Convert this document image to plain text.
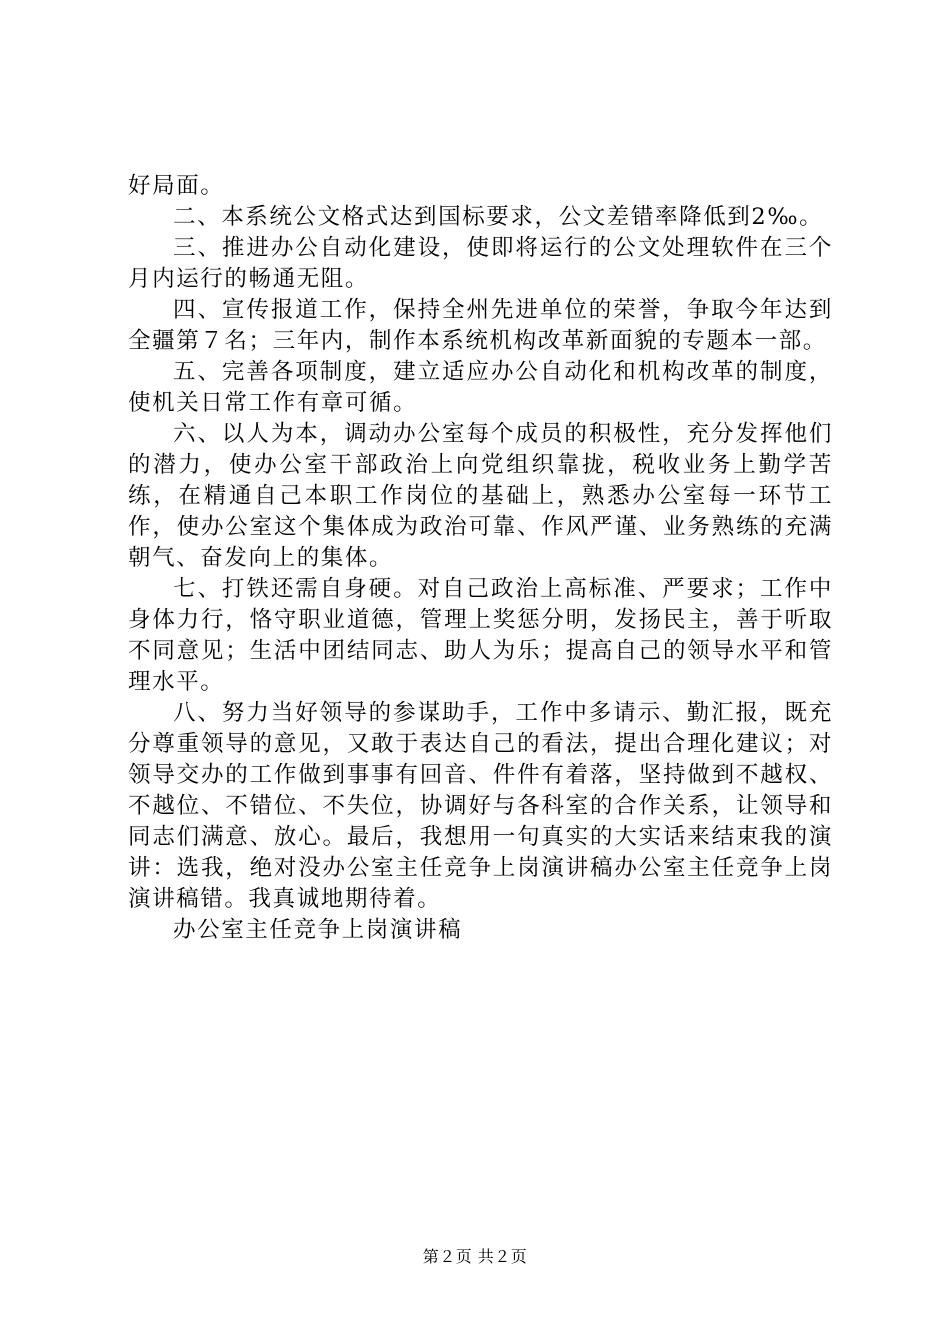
好局面。

二、本系统公文格式达到国标要求，公文差错率降低到2‰。

三、推进办公自动化建设，使即将运行的公文处理软件在三个月内运行的畅通无阻。

四、宣传报道工作，保持全州先进单位的荣誉，争取今年达到全疆第７名；三年内，制作本系统机构改革新面貌的专题本一部。

五、完善各项制度，建立适应办公自动化和机构改革的制度，使机关日常工作有章可循。

六、以人为本，调动办公室每个成员的积极性，充分发挥他们的潜力，使办公室干部政治上向党组织靠拢，税收业务上勤学苦练，在精通自己本职工作岗位的基础上，熟悉办公室每一环节工作，使办公室这个集体成为政治可靠、作风严谨、业务熟练的充满朝气、奋发向上的集体。

七、打铁还需自身硬。对自己政治上高标准、严要求；工作中身体力行，恪守职业道德，管理上奖惩分明，发扬民主，善于听取不同意见；生活中团结同志、助人为乐；提高自己的领导水平和管理水平。

八、努力当好领导的参谋助手，工作中多请示、勤汇报，既充分尊重领导的意见，又敢于表达自己的看法，提出合理化建议；对领导交办的工作做到事事有回音、件件有着落，坚持做到不越权、不越位、不错位、不失位，协调好与各科室的合作关系，让领导和同志们满意、放心。最后，我想用一句真实的大实话来结束我的演讲：选我，绝对没办公室主任竞争上岗演讲稿办公室主任竞争上岗演讲稿错。我真诚地期待着。

办公室主任竞争上岗演讲稿

第２页 共２页
